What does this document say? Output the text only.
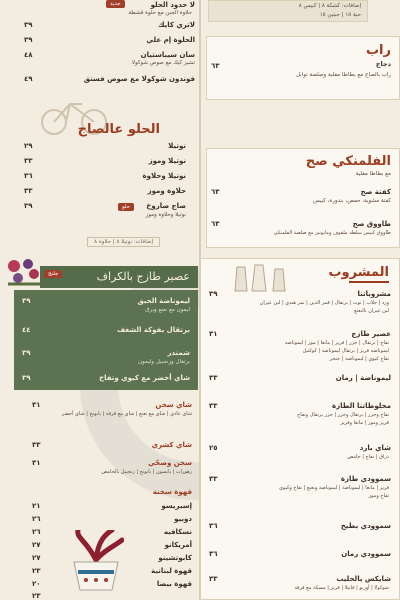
لا حدود الحلو
جديد
حلاوة الجبن مع حلوة قشطة
لاتري كايك
٣٩
الحلوة إم علي
٣٩
سان سيباستيان
٤٨
تشيز كيك مع صوص شوكولا
فوندون شوكولا مع صوص فستق
٤٩
الحلو عالصاج
نوتيلا
٢٩
نوتيلا وموز
٣٣
نوتيلا وحلاوة
٣٦
حلاوة وموز
٣٣
صاج صاروخ
٣٩	حلو
نوتيلا وحلاوة وموز
إضافات: نوتيلا ٨ | حلاوة ٨
عصير طازج بالكراف
جلنج
ليموناضة الحبق
٣٩
ليمون مع نعنع وبرق
برتقال بفوكة الشغف
٤٤
شمندر
٣٩
برتقال وزنجبيل وليمون
شاي أخضر مع كيوي وتفاح
٣٩
شاي سخن
٣١
شاي عادي | شاي مع نعنع | شاي مع قرفة | بابونج | شاي أخضر
شاي كشري
٣٣
سخن وصحّي
٣١
زهورات | يانسون | بابونج | زنجبيل بالحامض
قهوة سخنة
إسبريسو
٢١
دوبيو
٢٦
نسكافيه
٢٦
أمريكانو
٢٧
كابوتشينو
٢٧
قهوة لبنانية
٢٣
قهوة بيضا
٢٠
٢٣
إضافات: كشكة ٨ | كبيس ٨
حبة ١٥ | حبتين ١٥
راب
دجاج
راب بالصاج مع بطاطا مقلية وصلصة توابل
٦٣
الفلمنكي صح
مع بطاطا مقلية
كفتة صح
٦٣
كفتة مشوية، حمص، بندورة، كبيس
طاووق صح
٦٣
طاووق كبيس سلطة ملفوف ومايونيز مع صلصة الفلمنكي
المشروب
مشروباتنا
٣٩
ورد | جلاب | توت | برتقال | قمر الدين | تمر هندي | لبن عيران
لبن عيران بالنعنع
عصير طازج
٣١
تفاح | برتقال | جزر | فريز | مانغا | موز | ليموناضة
ليموناضة فريز | برتقال ليموناضة | كوكتيل
تفاح كيوي | ليموناضة | جنجر
ليموناضة | رمان
٣٣
مخلوطاتنا الطازة
٣٣
تفاح وجزر | برتقال وجزر | جزر برتقال وتفاح
فريز وموز | مانغا وفريز
شاي بارد
٢٥
دراق | تفاح | حامض
سموودي طازة
٣٣
فريز | مانغا | ليموناضة | ليموناضة ونعنع | تفاح وكيوي
تفاح وموز
سموودي بطيخ
٣٦
سموودي رمان
٣٦
شايكس بالحليب
٣٣
شوكولا | أوريو | فانيلا | فريز | مسكة مع قرفة
